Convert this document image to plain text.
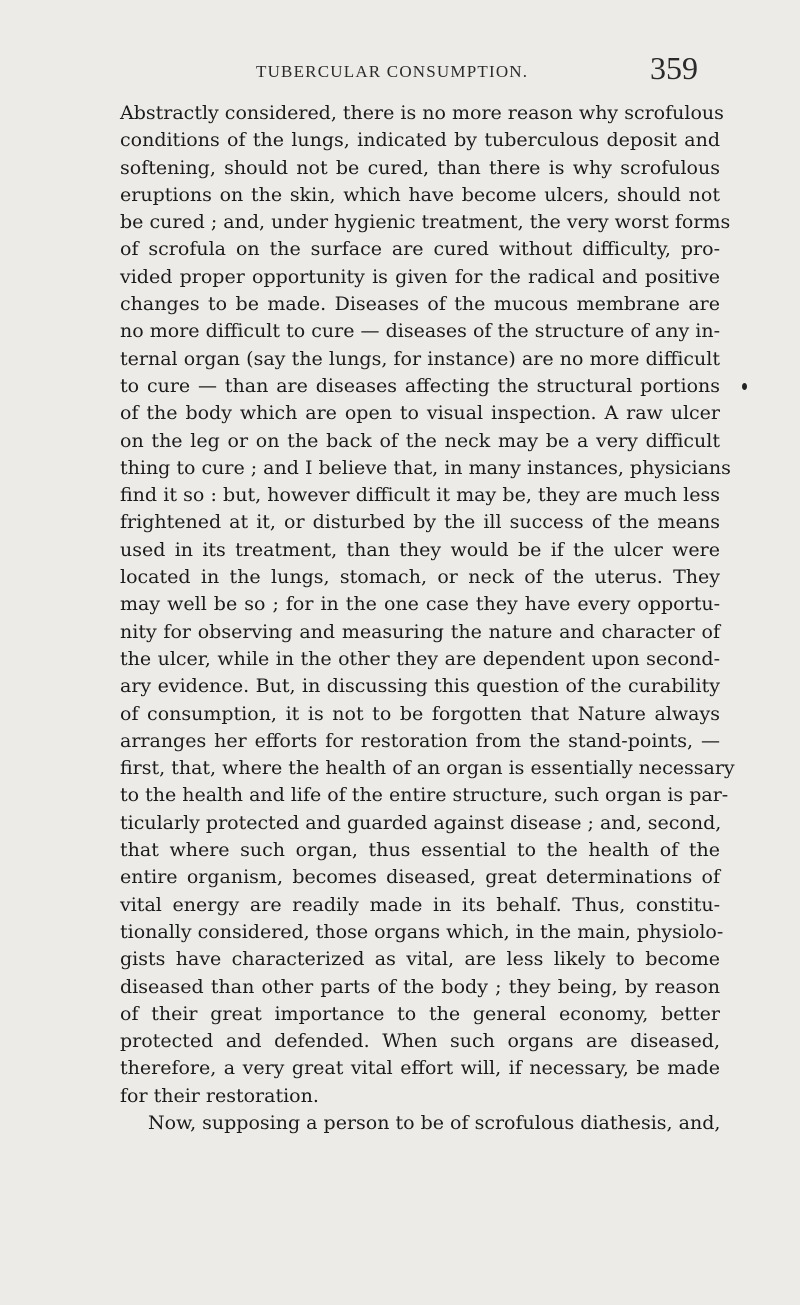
TUBERCULAR CONSUMPTION.	359
Abstractly considered, there is no more reason why scrofulous
conditions of the lungs, indicated by tuberculous deposit and
softening, should not be cured, than there is why scrofulous
eruptions on the skin, which have become ulcers, should not
be cured ; and, under hygienic treatment, the very worst forms
of scrofula on the surface are cured without difficulty, pro-
vided proper opportunity is given for the radical and positive
changes to be made. Diseases of the mucous membrane are
no more difficult to cure — diseases of the structure of any in-
ternal organ (say the lungs, for instance) are no more difficult
to cure — than are diseases affecting the structural portions
of the body which are open to visual inspection. A raw ulcer
on the leg or on the back of the neck may be a very difficult
thing to cure ; and I believe that, in many instances, physicians
find it so : but, however difficult it may be, they are much less
frightened at it, or disturbed by the ill success of the means
used in its treatment, than they would be if the ulcer were
located in the lungs, stomach, or neck of the uterus. They
may well be so ; for in the one case they have every opportu-
nity for observing and measuring the nature and character of
the ulcer, while in the other they are dependent upon second-
ary evidence. But, in discussing this question of the curability
of consumption, it is not to be forgotten that Nature always
arranges her efforts for restoration from the stand-points, —
first, that, where the health of an organ is essentially necessary
to the health and life of the entire structure, such organ is par-
ticularly protected and guarded against disease ; and, second,
that where such organ, thus essential to the health of the
entire organism, becomes diseased, great determinations of
vital energy are readily made in its behalf. Thus, constitu-
tionally considered, those organs which, in the main, physiolo-
gists have characterized as vital, are less likely to become
diseased than other parts of the body ; they being, by reason
of their great importance to the general economy, better
protected and defended. When such organs are diseased,
therefore, a very great vital effort will, if necessary, be made
for their restoration.
Now, supposing a person to be of scrofulous diathesis, and,
